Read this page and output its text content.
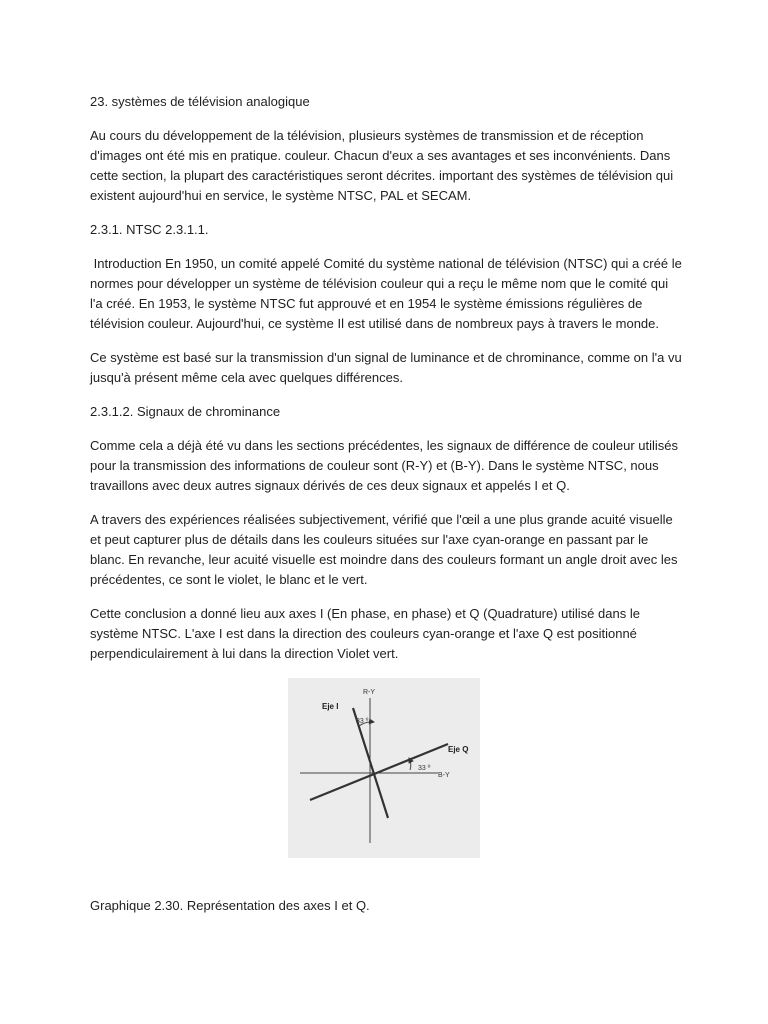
23. systèmes de télévision analogique

Au cours du développement de la télévision, plusieurs systèmes de transmission et de réception d'images ont été mis en pratique. couleur. Chacun d'eux a ses avantages et ses inconvénients. Dans cette section, la plupart des caractéristiques seront décrites. important des systèmes de télévision qui existent aujourd'hui en service, le système NTSC, PAL et SECAM.

2.3.1. NTSC 2.3.1.1.

Introduction En 1950, un comité appelé Comité du système national de télévision (NTSC) qui a créé le normes pour développer un système de télévision couleur qui a reçu le même nom que le comité qui l'a créé. En 1953, le système NTSC fut approuvé et en 1954 le système émissions régulières de télévision couleur. Aujourd'hui, ce système Il est utilisé dans de nombreux pays à travers le monde.

Ce système est basé sur la transmission d'un signal de luminance et de chrominance, comme on l'a vu jusqu'à présent même cela avec quelques différences.

2.3.1.2. Signaux de chrominance

Comme cela a déjà été vu dans les sections précédentes, les signaux de différence de couleur utilisés pour la transmission des informations de couleur sont (R-Y) et (B-Y). Dans le système NTSC, nous travaillons avec deux autres signaux dérivés de ces deux signaux et appelés I et Q.

A travers des expériences réalisées subjectivement, vérifié que l'œil a une plus grande acuité visuelle et peut capturer plus de détails dans les couleurs situées sur l'axe cyan-orange en passant par le blanc. En revanche, leur acuité visuelle est moindre dans des couleurs formant un angle droit avec les précédentes, ce sont le violet, le blanc et le vert.

Cette conclusion a donné lieu aux axes I (En phase, en phase) et Q (Quadrature) utilisé dans le système NTSC. L'axe I est dans la direction des couleurs cyan-orange et l'axe Q est positionné perpendiculairement à lui dans la direction Violet vert.

R-Y
Eje I
33 º
Eje Q
33 º
B-Y

Graphique 2.30. Représentation des axes I et Q.
